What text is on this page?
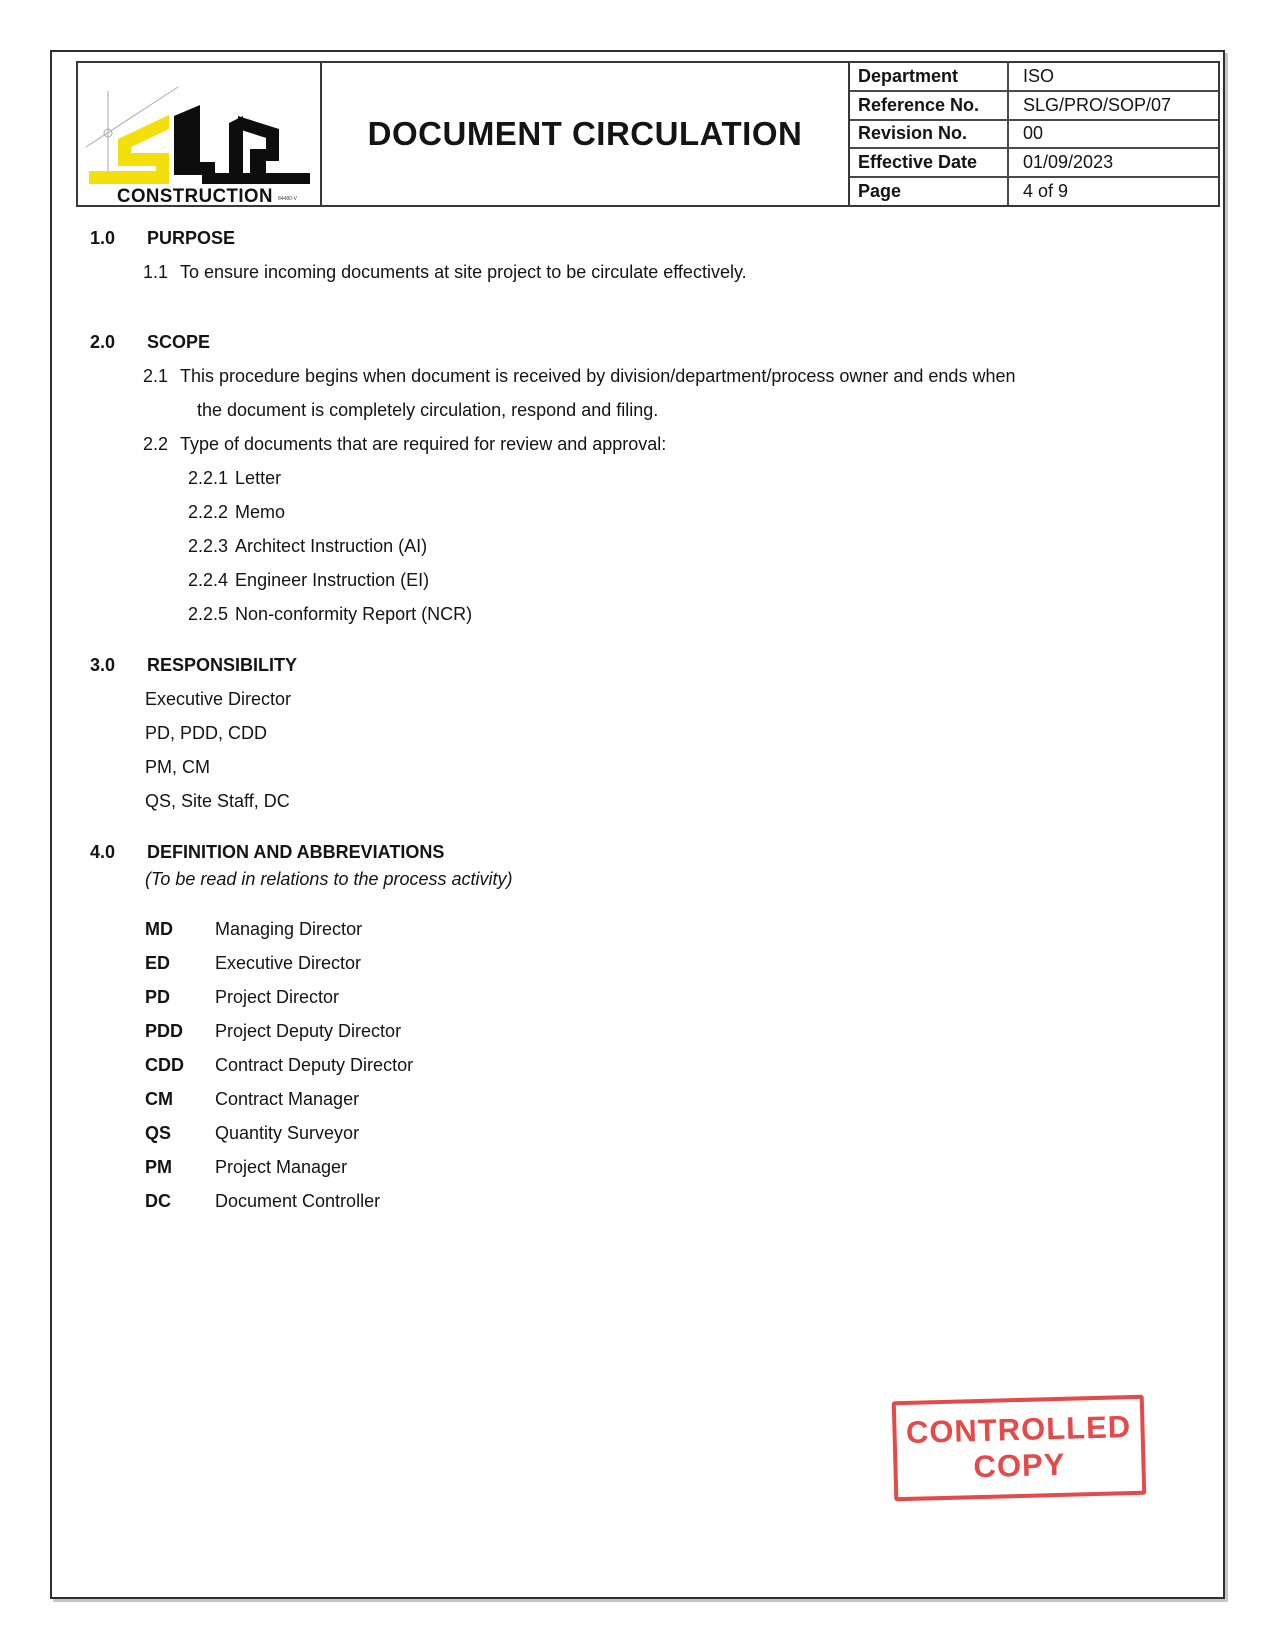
CONSTRUCTION 84480-V
DOCUMENT CIRCULATION
Department	ISO
Reference No.	SLG/PRO/SOP/07
Revision No.	00
Effective Date	01/09/2023
Page	4 of 9
1.0 PURPOSE
1.1 To ensure incoming documents at site project to be circulate effectively.
2.0 SCOPE
2.1 This procedure begins when document is received by division/department/process owner and ends when
the document is completely circulation, respond and filing.
2.2 Type of documents that are required for review and approval:
2.2.1 Letter
2.2.2 Memo
2.2.3 Architect Instruction (AI)
2.2.4 Engineer Instruction (EI)
2.2.5 Non-conformity Report (NCR)
3.0 RESPONSIBILITY
Executive Director
PD, PDD, CDD
PM, CM
QS, Site Staff, DC
4.0 DEFINITION AND ABBREVIATIONS
(To be read in relations to the process activity)
MD Managing Director
ED Executive Director
PD Project Director
PDD Project Deputy Director
CDD Contract Deputy Director
CM Contract Manager
QS Quantity Surveyor
PM Project Manager
DC Document Controller
CONTROLLED
COPY
